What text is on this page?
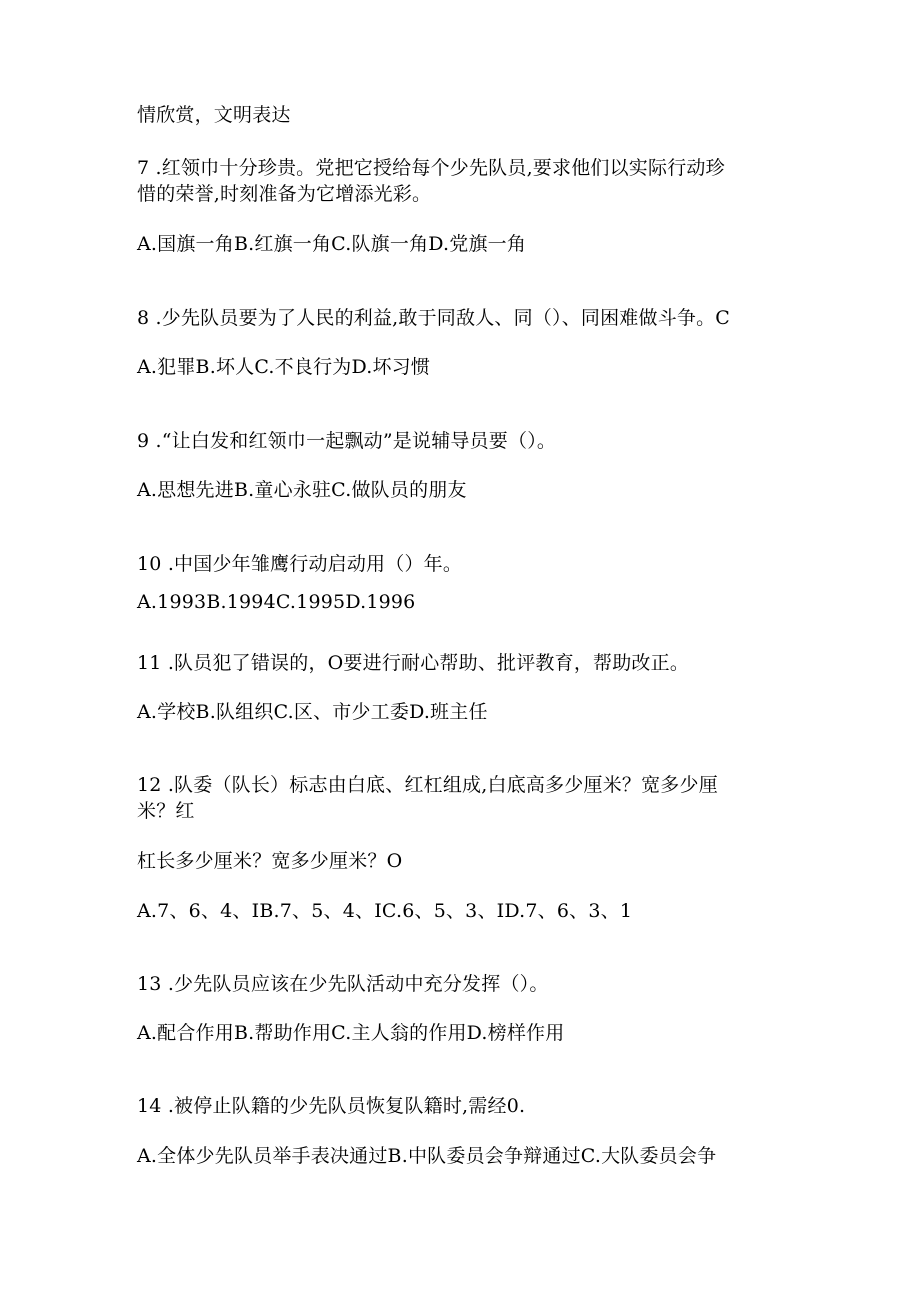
情欣赏，文明表达
7 .红领巾十分珍贵。党把它授给每个少先队员,要求他们以实际行动珍
惜的荣誉,时刻准备为它增添光彩。
A.国旗一角B.红旗一角C.队旗一角D.党旗一角
8 .少先队员要为了人民的利益,敢于同敌人、同（）、同困难做斗争。C
A.犯罪B.坏人C.不良行为D.坏习惯
9 .“让白发和红领巾一起飘动”是说辅导员要（）。
A.思想先进B.童心永驻C.做队员的朋友
10 .中国少年雏鹰行动启动用（）年。
A.1993B.1994C.1995D.1996
11 .队员犯了错误的，O要进行耐心帮助、批评教育，帮助改正。
A.学校B.队组织C.区、市少工委D.班主任
12 .队委（队长）标志由白底、红杠组成,白底高多少厘米？宽多少厘
米？红
杠长多少厘米？宽多少厘米？O
A.7、6、4、IB.7、5、4、IC.6、5、3、ID.7、6、3、1
13 .少先队员应该在少先队活动中充分发挥（）。
A.配合作用B.帮助作用C.主人翁的作用D.榜样作用
14 .被停止队籍的少先队员恢复队籍时,需经0.
A.全体少先队员举手表决通过B.中队委员会争辩通过C.大队委员会争
